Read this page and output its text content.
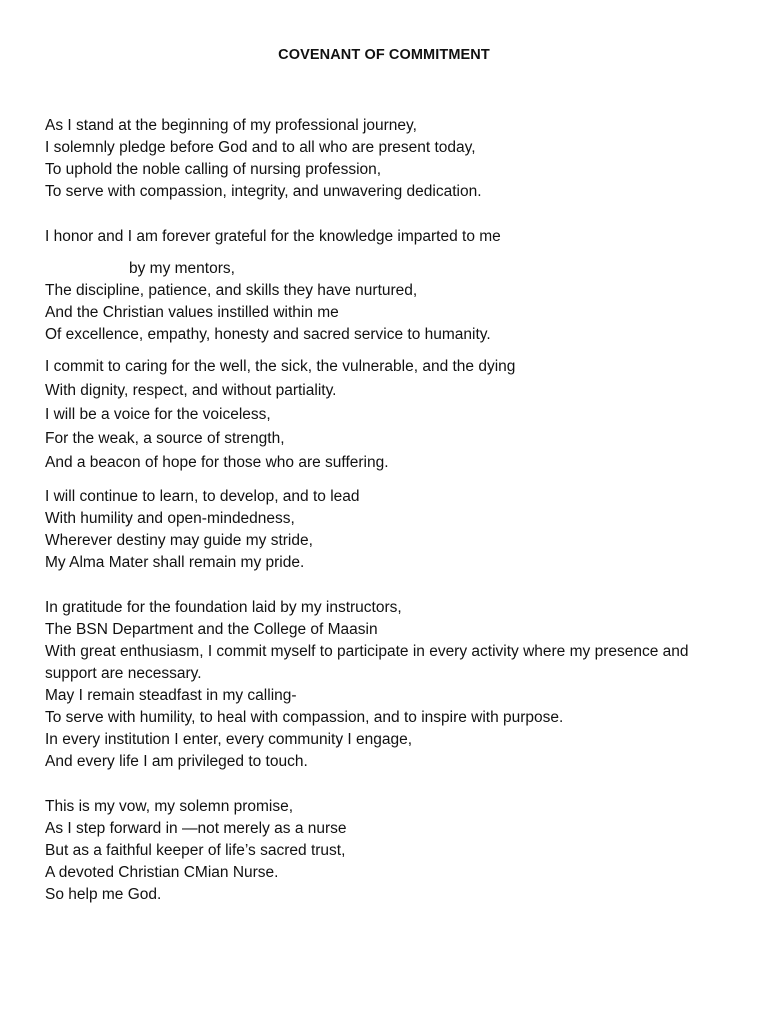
COVENANT OF COMMITMENT
As I stand at the beginning of my professional journey,
I solemnly pledge before God and to all who are present today,
To uphold the noble calling of nursing profession,
To serve with compassion, integrity, and unwavering dedication.
I honor and I am forever grateful for the knowledge imparted to me
by my mentors,
The discipline, patience, and skills they have nurtured,
And the Christian values instilled within me
Of excellence, empathy, honesty and sacred service to humanity.
I commit to caring for the well, the sick, the vulnerable, and the dying
With dignity, respect, and without partiality.
I will be a voice for the voiceless,
For the weak, a source of strength,
And a beacon of hope for those who are suffering.
I will continue to learn, to develop, and to lead
With humility and open-mindedness,
Wherever destiny may guide my stride,
My Alma Mater shall remain my pride.
In gratitude for the foundation laid by my instructors,
The BSN Department and the College of Maasin
With great enthusiasm, I commit myself to participate in every activity where my presence and
support are necessary.
May I remain steadfast in my calling-
To serve with humility, to heal with compassion, and to inspire with purpose.
In every institution I enter, every community I engage,
And every life I am privileged to touch.
This is my vow, my solemn promise,
As I step forward in —not merely as a nurse
But as a faithful keeper of life’s sacred trust,
A devoted Christian CMian Nurse.
So help me God.
